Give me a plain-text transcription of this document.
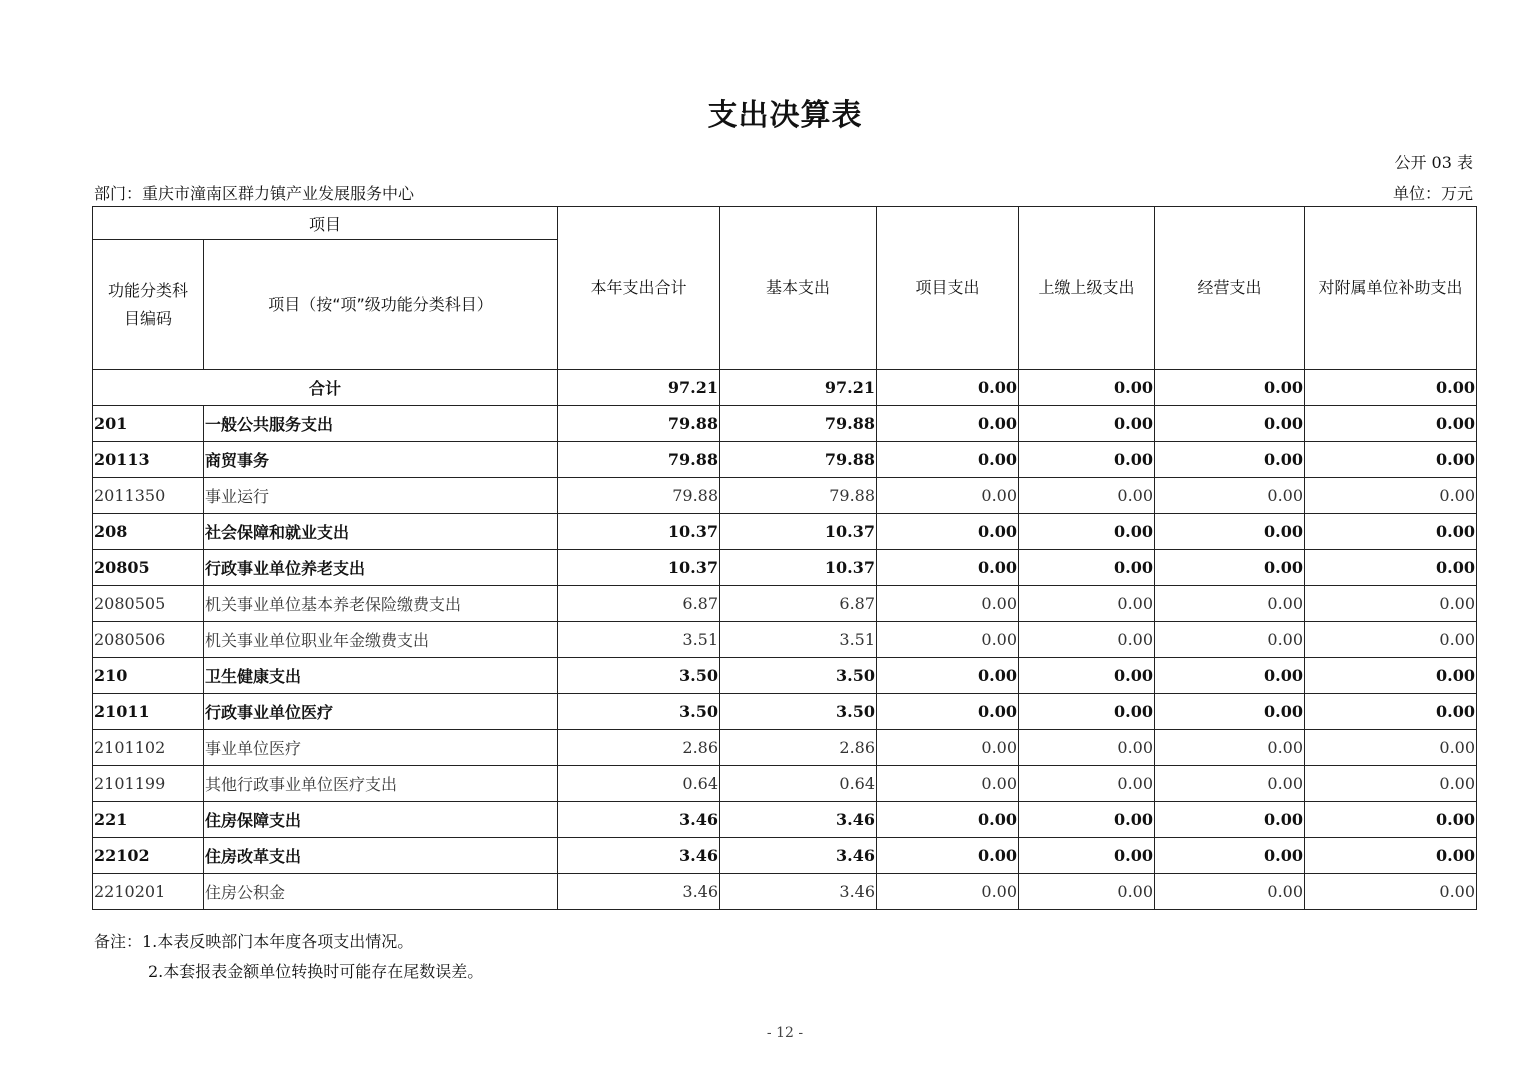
支出决算表
公开 03 表
部门：重庆市潼南区群力镇产业发展服务中心	单位：万元
项目		本年支出合计	基本支出	项目支出	上缴上级支出	经营支出	对附属单位补助支出
功能分类科目编码	项目（按“项”级功能分类科目）						
合计		97.21	97.21	0.00	0.00	0.00	0.00
201	一般公共服务支出	79.88	79.88	0.00	0.00	0.00	0.00
20113	商贸事务	79.88	79.88	0.00	0.00	0.00	0.00
2011350	事业运行	79.88	79.88	0.00	0.00	0.00	0.00
208	社会保障和就业支出	10.37	10.37	0.00	0.00	0.00	0.00
20805	行政事业单位养老支出	10.37	10.37	0.00	0.00	0.00	0.00
2080505	机关事业单位基本养老保险缴费支出	6.87	6.87	0.00	0.00	0.00	0.00
2080506	机关事业单位职业年金缴费支出	3.51	3.51	0.00	0.00	0.00	0.00
210	卫生健康支出	3.50	3.50	0.00	0.00	0.00	0.00
21011	行政事业单位医疗	3.50	3.50	0.00	0.00	0.00	0.00
2101102	事业单位医疗	2.86	2.86	0.00	0.00	0.00	0.00
2101199	其他行政事业单位医疗支出	0.64	0.64	0.00	0.00	0.00	0.00
221	住房保障支出	3.46	3.46	0.00	0.00	0.00	0.00
22102	住房改革支出	3.46	3.46	0.00	0.00	0.00	0.00
2210201	住房公积金	3.46	3.46	0.00	0.00	0.00	0.00
备注：1.本表反映部门本年度各项支出情况。
2.本套报表金额单位转换时可能存在尾数误差。
- 12 -
